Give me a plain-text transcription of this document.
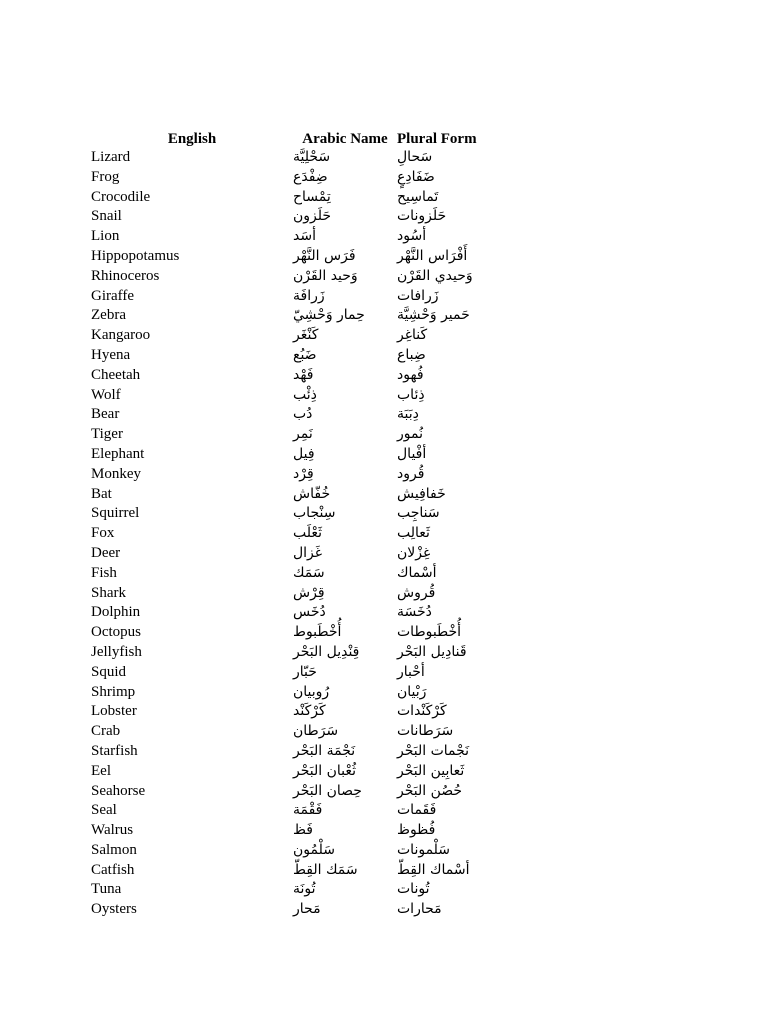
English	Arabic Name	Plural Form
Lizard	سَحْلِيَّة	سَحالِ
Frog	ضِفْدَع	ضَفَادِعٍ
Crocodile	تِمْساح	تَماسِيح
Snail	حَلَزون	حَلَزونات
Lion	أسَد	أسُود
Hippopotamus	فَرَس النَّهْر	أَفْرَاس النَّهْر
Rhinoceros	وَحيد القَرْن	وَحيدي القَرْن
Giraffe	زَرافَة	زَرافات
Zebra	حِمار وَحْشِيّ	حَمير وَحْشِيَّة
Kangaroo	كَنْغَر	كَناغِر
Hyena	ضَبُع	ضِباع
Cheetah	فَهْد	فُهود
Wolf	ذِئْب	ذِئاب
Bear	دُب	دِبَبَة
Tiger	نَمِر	نُمور
Elephant	فِيل	أفْيال
Monkey	قِرْد	قُرود
Bat	خُفّاش	خَفافِيش
Squirrel	سِنْجاب	سَناجِب
Fox	ثَعْلَب	ثَعالِب
Deer	غَزال	غِزْلان
Fish	سَمَك	أسْماك
Shark	قِرْش	قُروش
Dolphin	دُخَس	دُخَسَة
Octopus	أُخْطَبوط	أُخْطَبوطات
Jellyfish	قِنْدِيل البَحْر	قَنادِيل البَحْر
Squid	حَبّار	أحْبار
Shrimp	رُوبيان	رَبْيان
Lobster	كَرْكَنْد	كَرْكَنْدات
Crab	سَرَطان	سَرَطانات
Starfish	نَجْمَة البَحْر	نَجْمات البَحْر
Eel	ثُعْبان البَحْر	ثَعابِين البَحْر
Seahorse	حِصان البَحْر	حُصُن البَحْر
Seal	فَقْمَة	فَقَمات
Walrus	فَظ	فُظوظ
Salmon	سَلْمُون	سَلْمونات
Catfish	سَمَك القِطّ	أسْماك القِطّ
Tuna	تُونَة	تُونات
Oysters	مَحار	مَحارات
